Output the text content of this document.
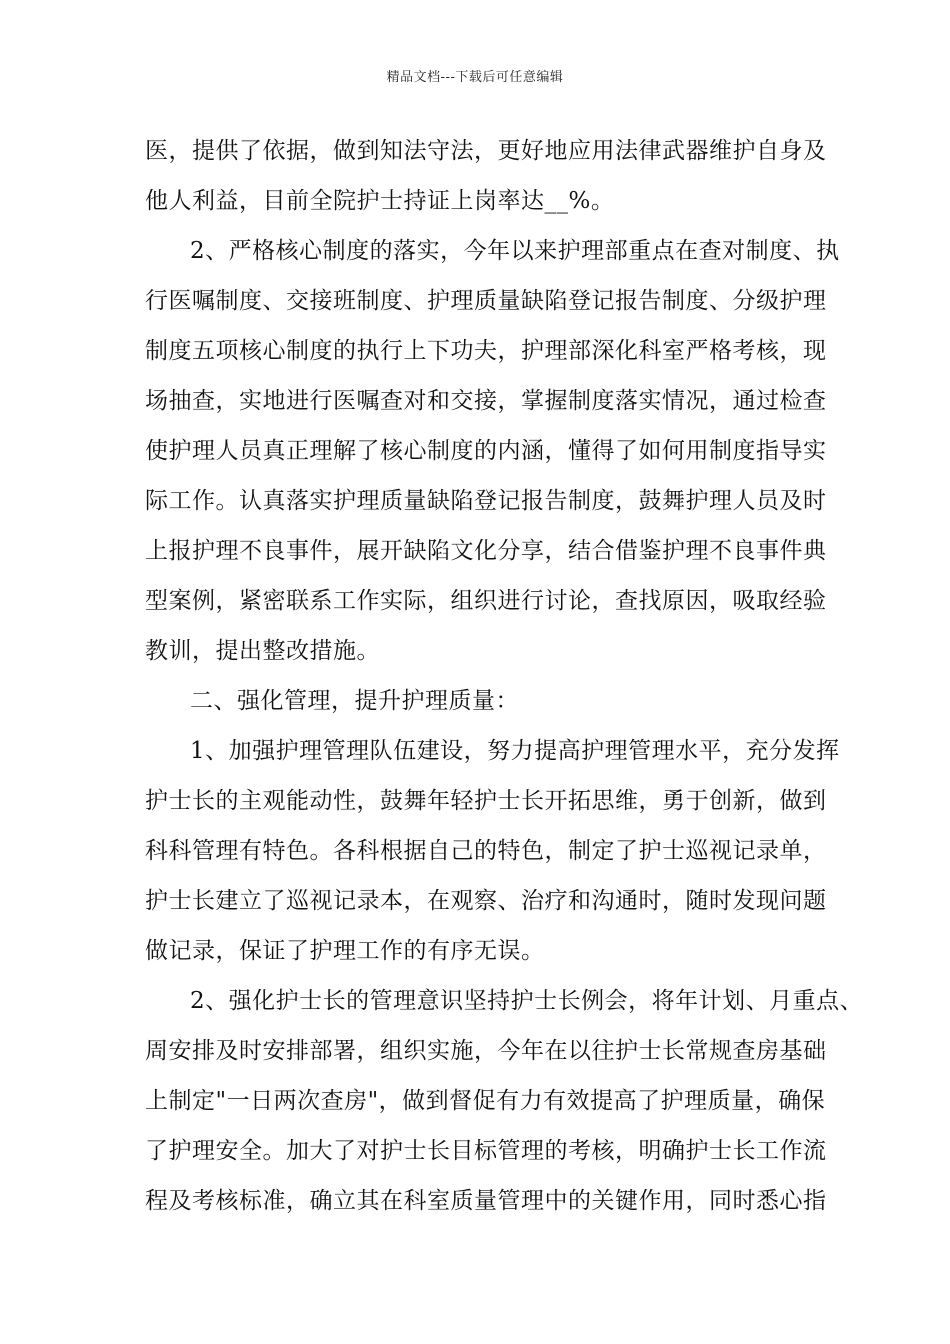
精品文档---下载后可任意编辑
医，提供了依据，做到知法守法，更好地应用法律武器维护自身及
他人利益，目前全院护士持证上岗率达__%。
2、严格核心制度的落实，今年以来护理部重点在查对制度、执
行医嘱制度、交接班制度、护理质量缺陷登记报告制度、分级护理
制度五项核心制度的执行上下功夫，护理部深化科室严格考核，现
场抽查，实地进行医嘱查对和交接，掌握制度落实情况，通过检查
使护理人员真正理解了核心制度的内涵，懂得了如何用制度指导实
际工作。认真落实护理质量缺陷登记报告制度，鼓舞护理人员及时
上报护理不良事件，展开缺陷文化分享，结合借鉴护理不良事件典
型案例，紧密联系工作实际，组织进行讨论，查找原因，吸取经验
教训，提出整改措施。
二、强化管理，提升护理质量：
1、加强护理管理队伍建设，努力提高护理管理水平，充分发挥
护士长的主观能动性，鼓舞年轻护士长开拓思维，勇于创新，做到
科科管理有特色。各科根据自己的特色，制定了护士巡视记录单，
护士长建立了巡视记录本，在观察、治疗和沟通时，随时发现问题
做记录，保证了护理工作的有序无误。
2、强化护士长的管理意识坚持护士长例会，将年计划、月重点、
周安排及时安排部署，组织实施，今年在以往护士长常规查房基础
上制定"一日两次查房"，做到督促有力有效提高了护理质量，确保
了护理安全。加大了对护士长目标管理的考核，明确护士长工作流
程及考核标准，确立其在科室质量管理中的关键作用，同时悉心指
